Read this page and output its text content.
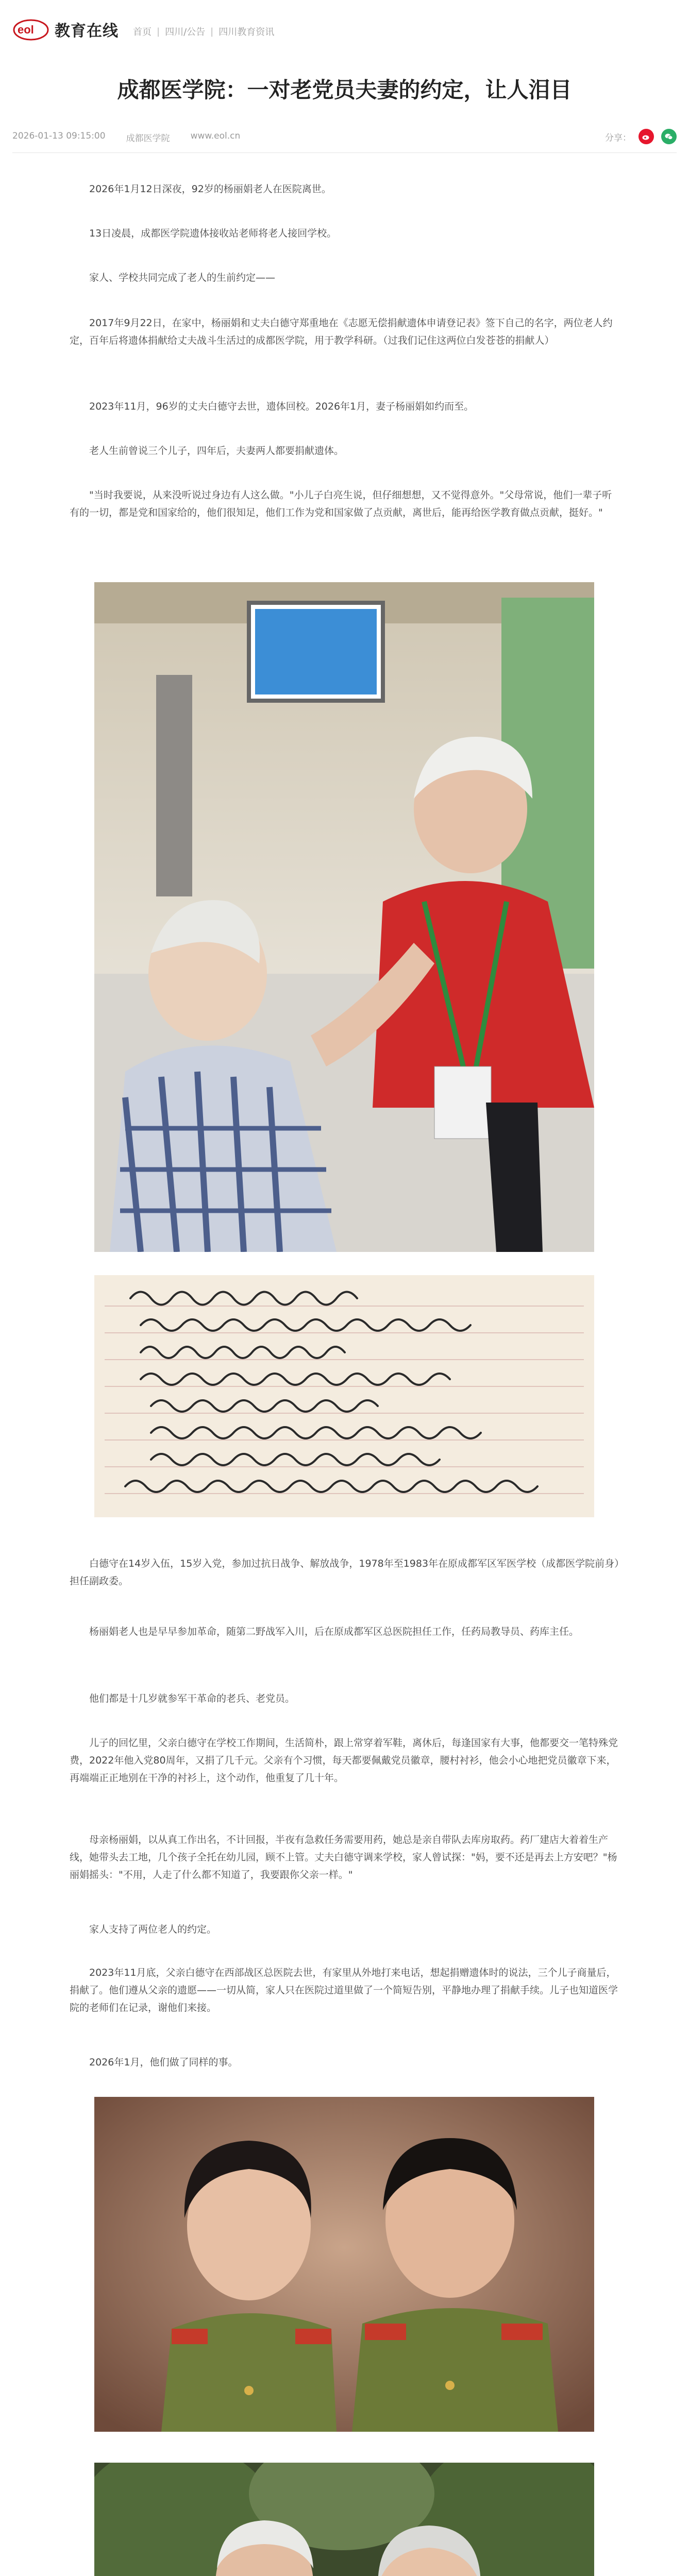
eol 教育在线 首页 | 四川/公告 | 四川教育资讯
成都医学院：一对老党员夫妻的约定，让人泪目
2026-01-13 09:15:00 成都医学院 www.eol.cn	分享：

2026年1月12日深夜，92岁的杨丽娟老人在医院离世。

13日凌晨，成都医学院遗体接收站老师将老人接回学校。

家人、学校共同完成了老人的生前约定——

2017年9月22日，在家中，杨丽娟和丈夫白德守郑重地在《志愿无偿捐献遗体申请登记表》签下自己的名字，两位老人约定，百年后将遗体捐献给丈夫战斗生活过的成都医学院，用于教学科研。（过我们记住这两位白发苍苍的捐献人）

2023年11月，96岁的丈夫白德守去世，遗体回校。2026年1月，妻子杨丽娟如约而至。

老人生前曾说三个儿子，四年后，夫妻两人都要捐献遗体。

"当时我要说，从来没听说过身边有人这么做。"小儿子白亮生说，但仔细想想，又不觉得意外。"父母常说，他们一辈子听有的一切，都是党和国家给的，他们很知足，他们工作为党和国家做了点贡献，离世后，能再给医学教育做点贡献，挺好。"

白德守在14岁入伍，15岁入党，参加过抗日战争、解放战争，1978年至1983年在原成都军区军医学校（成都医学院前身）担任副政委。

杨丽娟老人也是早早参加革命，随第二野战军入川，后在原成都军区总医院担任工作，任药局教导员、药库主任。

他们都是十几岁就参军干革命的老兵、老党员。

儿子的回忆里，父亲白德守在学校工作期间，生活简朴，跟上常穿着军鞋，离休后，每逢国家有大事，他都要交一笔特殊党费，2022年他入党80周年，又捐了几千元。父亲有个习惯，每天都要佩戴党员徽章，腰村衬衫，他会小心地把党员徽章下来，再端端正正地别在干净的衬衫上，这个动作，他重复了几十年。

母亲杨丽娟，以从真工作出名，不计回报，半夜有急救任务需要用药，她总是亲自带队去库房取药。药厂建店大着着生产线，她带头去工地，几个孩子全托在幼儿园，顾不上管。丈夫白德守调来学校，家人曾试探："妈，要不还是再去上方安吧？"杨丽娟摇头："不用，人走了什么都不知道了，我要跟你父亲一样。"

家人支持了两位老人的约定。

2023年11月底，父亲白德守在西部战区总医院去世，有家里从外地打来电话，想起捐赠遗体时的说法，三个儿子商量后，捐献了。他们遵从父亲的遗愿——一切从简，家人只在医院过道里做了一个简短告别，平静地办理了捐献手续。儿子也知道医学院的老师们在记录，谢他们来接。

2026年1月，他们做了同样的事。
